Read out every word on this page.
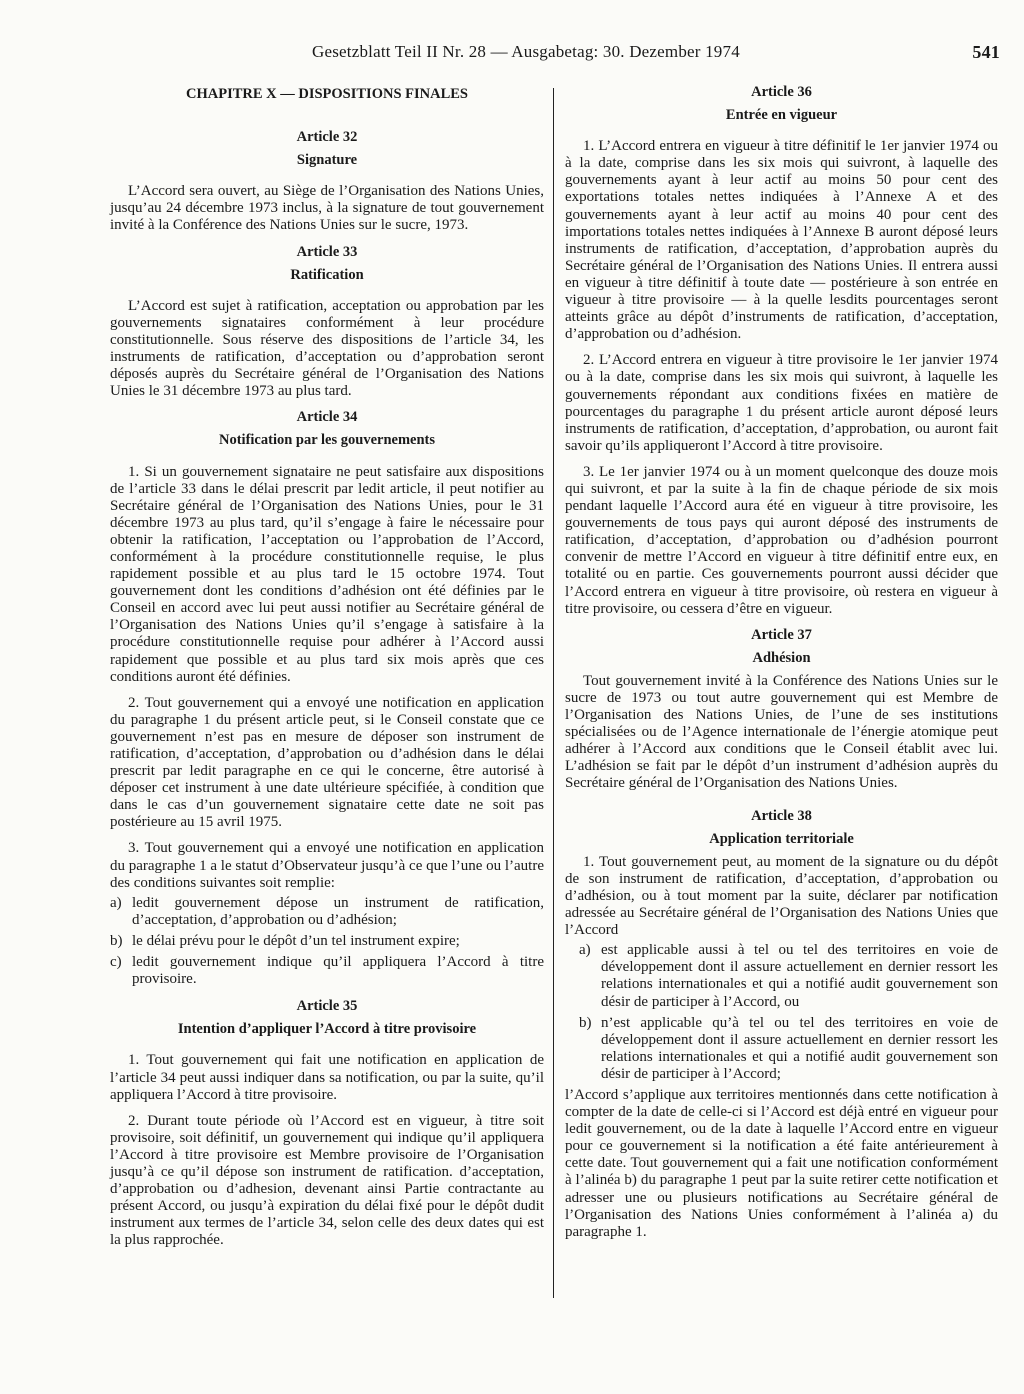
Gesetzblatt Teil II Nr. 28 — Ausgabetag: 30. Dezember 1974	541
CHAPITRE X — DISPOSITIONS FINALES
Article 32
Signature

L’Accord sera ouvert, au Siège de l’Organisation des Nations Unies, jusqu’au 24 décembre 1973 inclus, à la signature de tout gouvernement invité à la Conférence des Nations Unies sur le sucre, 1973.

Article 33
Ratification

L’Accord est sujet à ratification, acceptation ou approbation par les gouvernements signataires conformément à leur procédure constitutionnelle. Sous réserve des dispositions de l’article 34, les instruments de ratification, d’acceptation ou d’approbation seront déposés auprès du Secrétaire général de l’Organisation des Nations Unies le 31 décembre 1973 au plus tard.

Article 34
Notification par les gouvernements

1. Si un gouvernement signataire ne peut satisfaire aux dispositions de l’article 33 dans le délai prescrit par ledit article, il peut notifier au Secrétaire général de l’Organisation des Nations Unies, pour le 31 décembre 1973 au plus tard, qu’il s’engage à faire le nécessaire pour obtenir la ratification, l’acceptation ou l’approbation de l’Accord, conformément à la procédure constitutionnelle requise, le plus rapidement possible et au plus tard le 15 octobre 1974. Tout gouvernement dont les conditions d’adhésion ont été définies par le Conseil en accord avec lui peut aussi notifier au Secrétaire général de l’Organisation des Nations Unies qu’il s’engage à satisfaire à la procédure constitutionnelle requise pour adhérer à l’Accord aussi rapidement que possible et au plus tard six mois après que ces conditions auront été définies.

2. Tout gouvernement qui a envoyé une notification en application du paragraphe 1 du présent article peut, si le Conseil constate que ce gouvernement n’est pas en mesure de déposer son instrument de ratification, d’acceptation, d’approbation ou d’adhésion dans le délai prescrit par ledit paragraphe en ce qui le concerne, être autorisé à déposer cet instrument à une date ultérieure spécifiée, à condition que dans le cas d’un gouvernement signataire cette date ne soit pas postérieure au 15 avril 1975.

3. Tout gouvernement qui a envoyé une notification en application du paragraphe 1 a le statut d’Observateur jusqu’à ce que l’une ou l’autre des conditions suivantes soit remplie:

a) ledit gouvernement dépose un instrument de ratification, d’acceptation, d’approbation ou d’adhésion;
b) le délai prévu pour le dépôt d’un tel instrument expire;
c) ledit gouvernement indique qu’il appliquera l’Accord à titre provisoire.
Article 35
Intention d’appliquer l’Accord à titre provisoire

1. Tout gouvernement qui fait une notification en application de l’article 34 peut aussi indiquer dans sa notification, ou par la suite, qu’il appliquera l’Accord à titre provisoire.

2. Durant toute période où l’Accord est en vigueur, à titre soit provisoire, soit définitif, un gouvernement qui indique qu’il appliquera l’Accord à titre provisoire est Membre provisoire de l’Organisation jusqu’à ce qu’il dépose son instrument de ratification. d’acceptation, d’approbation ou d’adhesion, devenant ainsi Partie contractante au présent Accord, ou jusqu’à expiration du délai fixé pour le dépôt dudit instrument aux termes de l’article 34, selon celle des deux dates qui est la plus rapprochée.

Article 36
Entrée en vigueur

1. L’Accord entrera en vigueur à titre définitif le 1er janvier 1974 ou à la date, comprise dans les six mois qui suivront, à laquelle des gouvernements ayant à leur actif au moins 50 pour cent des exportations totales nettes indiquées à l’Annexe A et des gouvernements ayant à leur actif au moins 40 pour cent des importations totales nettes indiquées à l’Annexe B auront déposé leurs instruments de ratification, d’acceptation, d’approbation auprès du Secrétaire général de l’Organisation des Nations Unies. Il entrera aussi en vigueur à titre définitif à toute date — postérieure à son entrée en vigueur à titre provisoire — à la quelle lesdits pourcentages seront atteints grâce au dépôt d’instruments de ratification, d’acceptation, d’approbation ou d’adhésion.

2. L’Accord entrera en vigueur à titre provisoire le 1er janvier 1974 ou à la date, comprise dans les six mois qui suivront, à laquelle les gouvernements répondant aux conditions fixées en matière de pourcentages du paragraphe 1 du présent article auront déposé leurs instruments de ratification, d’acceptation, d’approbation, ou auront fait savoir qu’ils appliqueront l’Accord à titre provisoire.

3. Le 1er janvier 1974 ou à un moment quelconque des douze mois qui suivront, et par la suite à la fin de chaque période de six mois pendant laquelle l’Accord aura été en vigueur à titre provisoire, les gouvernements de tous pays qui auront déposé des instruments de ratification, d’acceptation, d’approbation ou d’adhésion pourront convenir de mettre l’Accord en vigueur à titre définitif entre eux, en totalité ou en partie. Ces gouvernements pourront aussi décider que l’Accord entrera en vigueur à titre provisoire, où restera en vigueur à titre provisoire, ou cessera d’être en vigueur.

Article 37
Adhésion

Tout gouvernement invité à la Conférence des Nations Unies sur le sucre de 1973 ou tout autre gouvernement qui est Membre de l’Organisation des Nations Unies, de l’une de ses institutions spécialisées ou de l’Agence internationale de l’énergie atomique peut adhérer à l’Accord aux conditions que le Conseil établit avec lui. L’adhésion se fait par le dépôt d’un instrument d’adhésion auprès du Secrétaire général de l’Organisation des Nations Unies.

Article 38
Application territoriale

1. Tout gouvernement peut, au moment de la signature ou du dépôt de son instrument de ratification, d’acceptation, d’approbation ou d’adhésion, ou à tout moment par la suite, déclarer par notification adressée au Secrétaire général de l’Organisation des Nations Unies que l’Accord

a) est applicable aussi à tel ou tel des territoires en voie de développement dont il assure actuellement en dernier ressort les relations internationales et qui a notifié audit gouvernement son désir de participer à l’Accord, ou
b) n’est applicable qu’à tel ou tel des territoires en voie de développement dont il assure actuellement en dernier ressort les relations internationales et qui a notifié audit gouvernement son désir de participer à l’Accord;

l’Accord s’applique aux territoires mentionnés dans cette notification à compter de la date de celle-ci si l’Accord est déjà entré en vigueur pour ledit gouvernement, ou de la date à laquelle l’Accord entre en vigueur pour ce gouvernement si la notification a été faite antérieurement à cette date. Tout gouvernement qui a fait une notification conformément à l’alinéa b) du paragraphe 1 peut par la suite retirer cette notification et adresser une ou plusieurs notifications au Secrétaire général de l’Organisation des Nations Unies conformément à l’alinéa a) du paragraphe 1.
